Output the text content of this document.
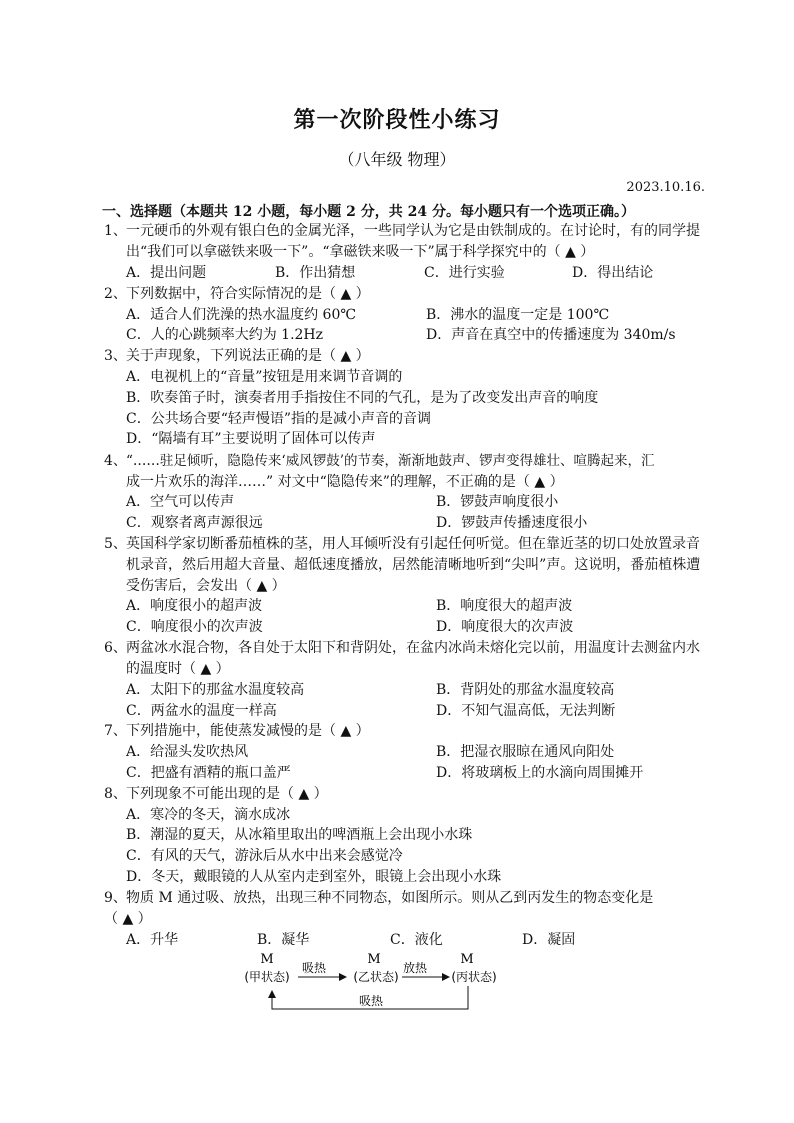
第一次阶段性小练习
（八年级 物理）
2023.10.16.
一、选择题（本题共 12 小题，每小题 2 分，共 24 分。每小题只有一个选项正确。）
1、 一元硬币的外观有银白色的金属光泽，一些同学认为它是由铁制成的。在讨论时，有的同学提
出“我们可以拿磁铁来吸一下”。“拿磁铁来吸一下”属于科学探究中的（ ▲ ）
A．提出问题	B．作出猜想	C．进行实验	D．得出结论
2、 下列数据中，符合实际情况的是（ ▲ ）
A．适合人们洗澡的热水温度约 60℃	B．沸水的温度一定是 100℃
C．人的心跳频率大约为 1.2Hz	D．声音在真空中的传播速度为 340m/s
3、 关于声现象，下列说法正确的是（ ▲ ）
A．电视机上的“音量”按钮是用来调节音调的
B．吹奏笛子时，演奏者用手指按住不同的气孔，是为了改变发出声音的响度
C．公共场合要“轻声慢语”指的是减小声音的音调
D．“隔墙有耳”主要说明了固体可以传声
4、 “……驻足倾听，隐隐传来‘威风锣鼓’的节奏，渐渐地鼓声、锣声变得雄壮、喧腾起来，汇
成一片欢乐的海洋……” 对文中“隐隐传来”的理解，不正确的是（ ▲ ）
A．空气可以传声	B．锣鼓声响度很小
C．观察者离声源很远	D．锣鼓声传播速度很小
5、 英国科学家切断番茄植株的茎，用人耳倾听没有引起任何听觉。但在靠近茎的切口处放置录音
机录音，然后用超大音量、超低速度播放，居然能清晰地听到“尖叫”声。这说明，番茄植株遭
受伤害后，会发出（ ▲ ）
A．响度很小的超声波	B．响度很大的超声波
C．响度很小的次声波	D．响度很大的次声波
6、 两盆冰水混合物，各自处于太阳下和背阴处，在盆内冰尚未熔化完以前，用温度计去测盆内水
的温度时（ ▲ ）
A．太阳下的那盆水温度较高	B．背阴处的那盆水温度较高
C．两盆水的温度一样高	D．不知气温高低，无法判断
7、 下列措施中，能使蒸发减慢的是（ ▲ ）
A．给湿头发吹热风	B．把湿衣服晾在通风向阳处
C．把盛有酒精的瓶口盖严	D．将玻璃板上的水滴向周围摊开
8、 下列现象不可能出现的是（ ▲ ）
A．寒冷的冬天，滴水成冰
B．潮湿的夏天，从冰箱里取出的啤酒瓶上会出现小水珠
C．有风的天气，游泳后从水中出来会感觉冷
D．冬天，戴眼镜的人从室内走到室外，眼镜上会出现小水珠
9、 物质 M 通过吸、放热，出现三种不同物态，如图所示。则从乙到丙发生的物态变化是
（ ▲ ）
A．升华	B．凝华	C．液化	D．凝固
M	M	M
(甲状态)	(乙状态)	(丙状态)
吸热	放热
吸热
